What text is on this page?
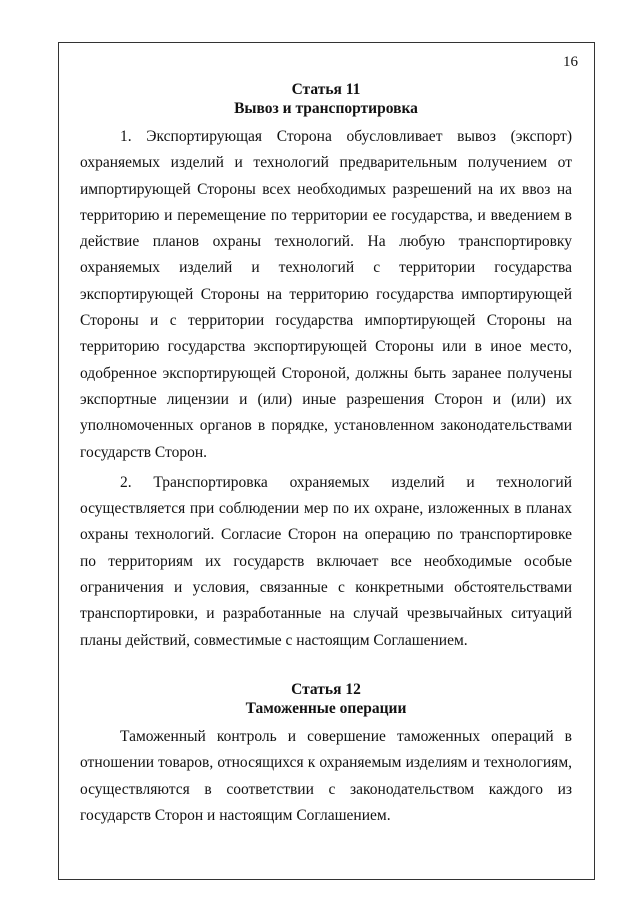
16
Статья 11
Вывоз и транспортировка

1. Экспортирующая Сторона обусловливает вывоз (экспорт) охраняемых изделий и технологий предварительным получением от импортирующей Стороны всех необходимых разрешений на их ввоз на территорию и перемещение по территории ее государства, и введением в действие планов охраны технологий. На любую транспортировку охраняемых изделий и технологий с территории государства экспортирующей Стороны на территорию государства импортирующей Стороны и с территории государства импортирующей Стороны на территорию государства экспортирующей Стороны или в иное место, одобренное экспортирующей Стороной, должны быть заранее получены экспортные лицензии и (или) иные разрешения Сторон и (или) их уполномоченных органов в порядке, установленном законодательствами государств Сторон.

2. Транспортировка охраняемых изделий и технологий осуществляется при соблюдении мер по их охране, изложенных в планах охраны технологий. Согласие Сторон на операцию по транспортировке по территориям их государств включает все необходимые особые ограничения и условия, связанные с конкретными обстоятельствами транспортировки, и разработанные на случай чрезвычайных ситуаций планы действий, совместимые с настоящим Соглашением.

Статья 12
Таможенные операции

Таможенный контроль и совершение таможенных операций в отношении товаров, относящихся к охраняемым изделиям и технологиям, осуществляются в соответствии с законодательством каждого из государств Сторон и настоящим Соглашением.
